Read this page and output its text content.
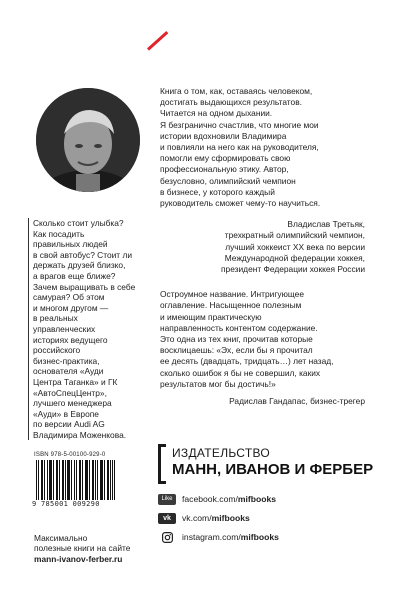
Сколько стоит улыбка?

Как посадить

правильных людей

в свой автобус? Стоит ли

держать друзей близко,

а врагов еще ближе?

Зачем выращивать в себе

самурая? Об этом

и многом другом —

в реальных

управленческих

историях ведущего

российского

бизнес-практика,

основателя «Ауди

Центра Таганка» и ГК

«АвтоСпецЦентр»,

лучшего менеджера

«Ауди» в Европе

по версии Audi AG

Владимира Моженкова.

Книга о том, как, оставаясь человеком,

достигать выдающихся результатов.

Читается на одном дыхании.

Я безгранично счастлив, что многие мои

истории вдохновили Владимира

и повлияли на него как на руководителя,

помогли ему сформировать свою

профессиональную этику. Автор,

безусловно, олимпийский чемпион

в бизнесе, у которого каждый

руководитель сможет чему-то научиться.

Владислав Третьяк,

трехкратный олимпийский чемпион,

лучший хоккеист XX века по версии

Международной федерации хоккея,

президент Федерации хоккея России

Остроумное название. Интригующее

оглавление. Насыщенное полезным

и имеющим практическую

направленность контентом содержание.

Это одна из тех книг, прочитав которые

восклицаешь: «Эх, если бы я прочитал

ее десять (двадцать, тридцать…) лет назад,

сколько ошибок я бы не совершил, каких

результатов мог бы достичь!»

Радислав Гандапас, бизнес-трегер

ISBN 978-5-00100-929-0
9 785001 009290
Максимально
полезные книги на сайте
mann-ivanov-ferber.ru
ИЗДАТЕЛЬСТВО
МАНН, ИВАНОВ И ФЕРБЕР
Like facebook.com/ mifbooks
vk vk.com/ mifbooks
instagram.com/ mifbooks
